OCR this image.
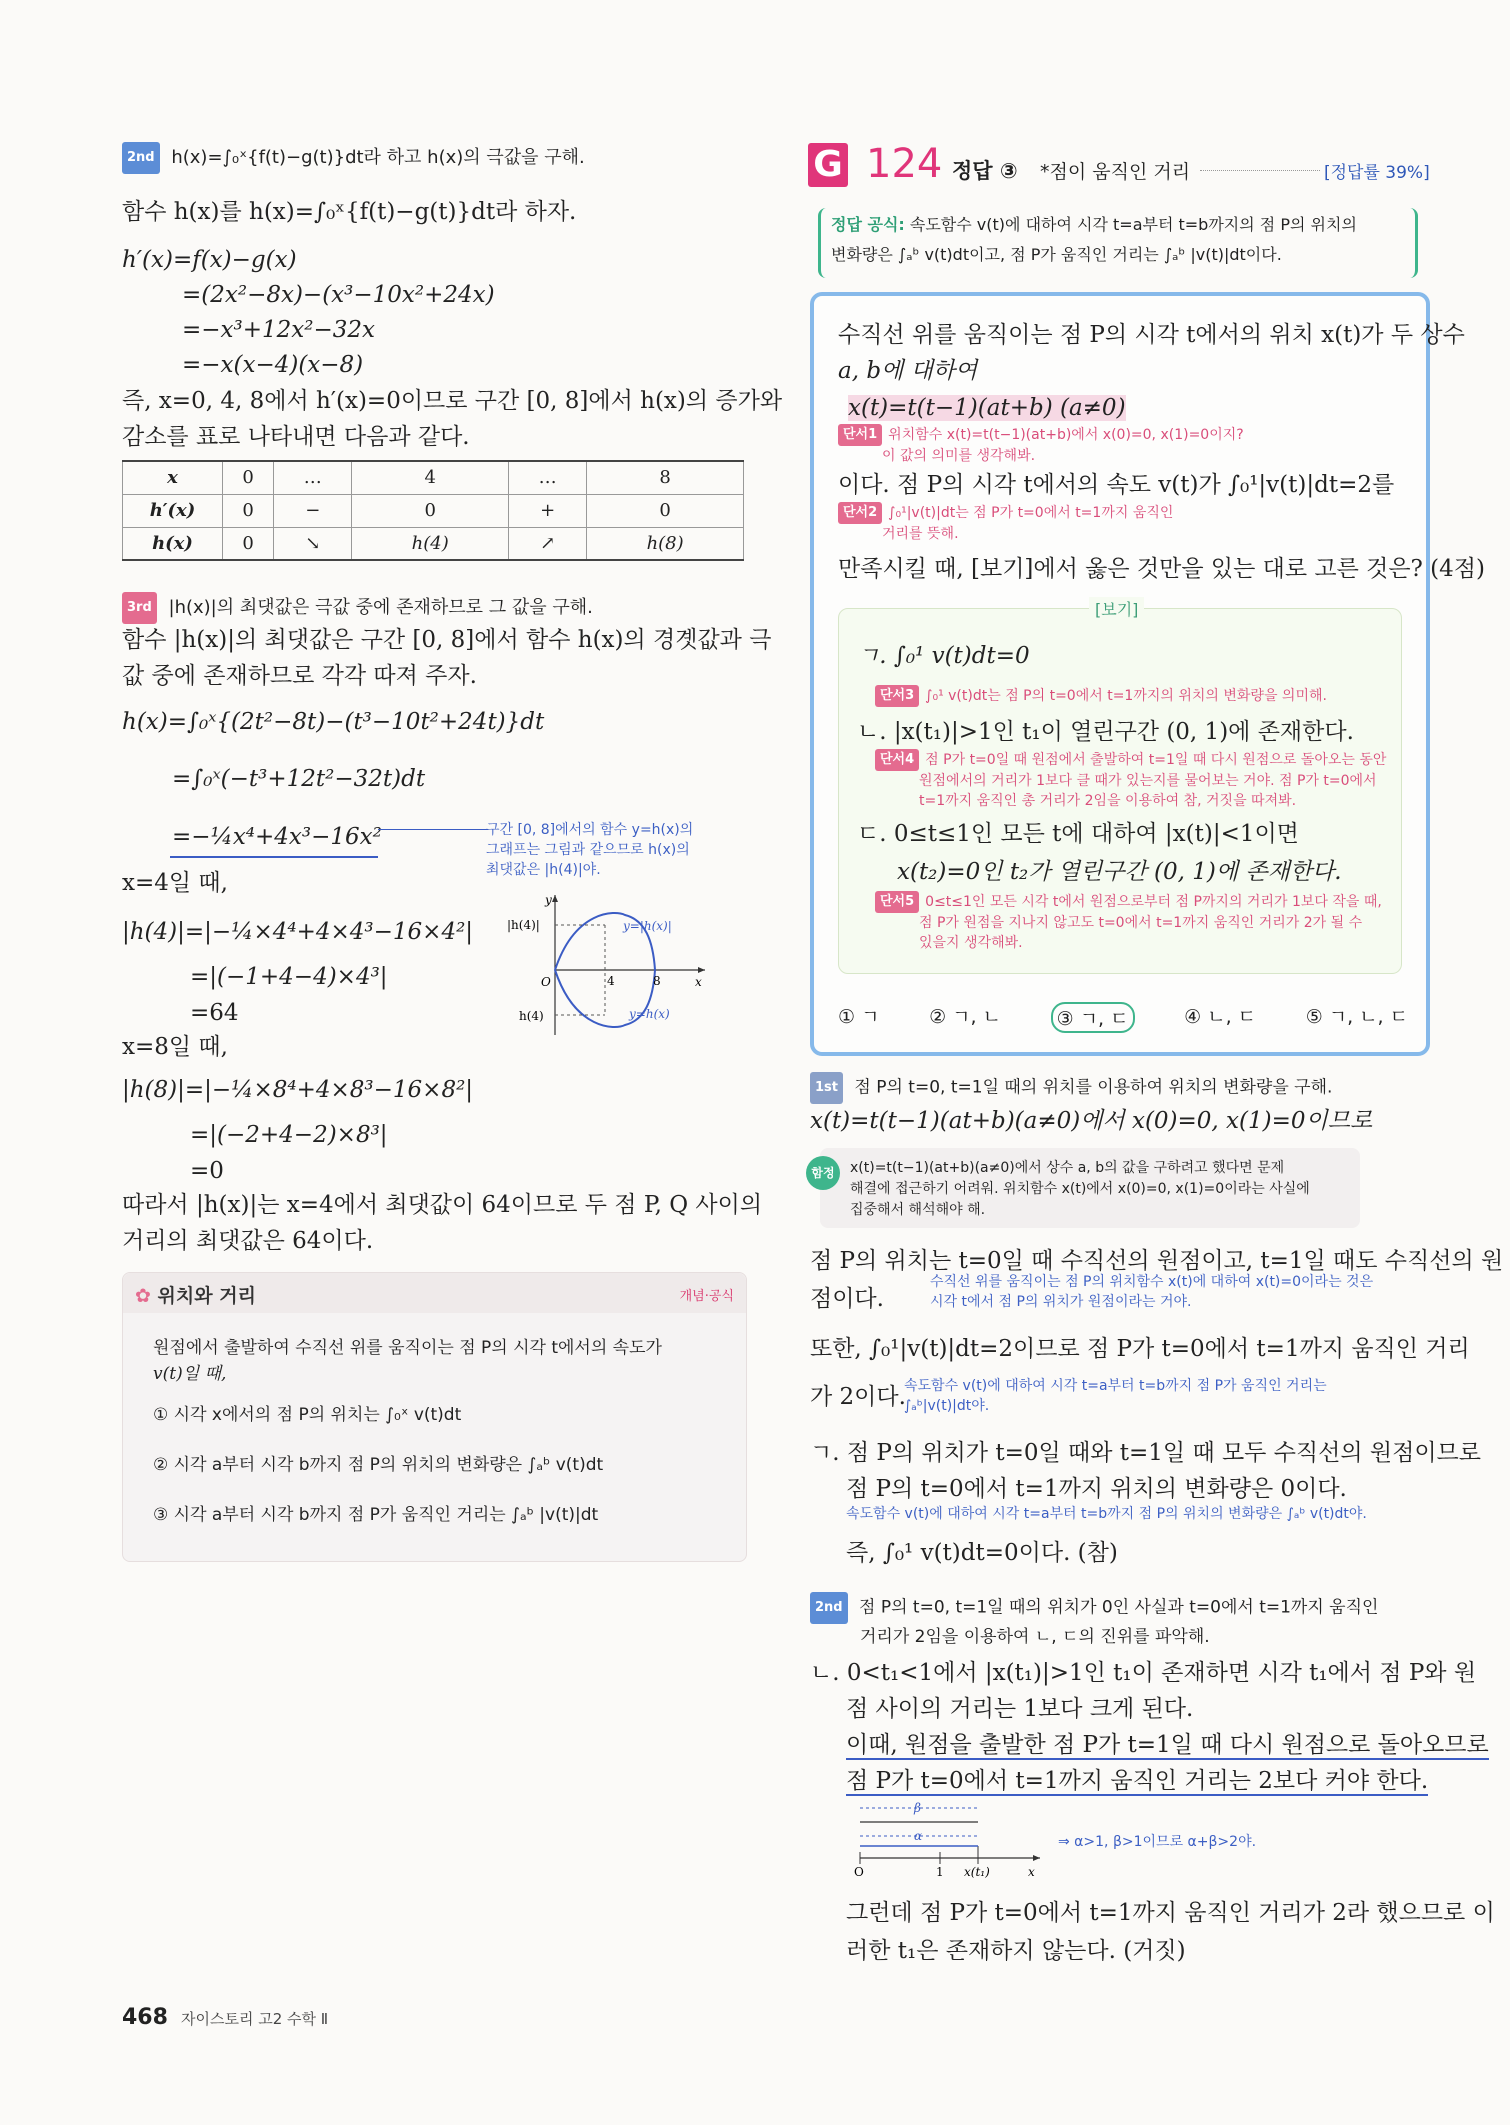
2nd h(x)=∫₀ˣ{f(t)−g(t)}dt라 하고 h(x)의 극값을 구해.
함수 h(x)를 h(x)=∫₀ˣ{f(t)−g(t)}dt라 하자.
h′(x)=f(x)−g(x)
=(2x²−8x)−(x³−10x²+24x)
=−x³+12x²−32x
=−x(x−4)(x−8)
즉, x=0, 4, 8에서 h′(x)=0이므로 구간 [0, 8]에서 h(x)의 증가와
감소를 표로 나타내면 다음과 같다.
x	0	…	4	…	8
h′(x)	0	−	0	+	0
h(x)	0	↘	h(4)	↗	h(8)
3rd |h(x)|의 최댓값은 극값 중에 존재하므로 그 값을 구해.
함수 |h(x)|의 최댓값은 구간 [0, 8]에서 함수 h(x)의 경곗값과 극
값 중에 존재하므로 각각 따져 주자.
h(x)=∫₀ˣ{(2t²−8t)−(t³−10t²+24t)}dt
=∫₀ˣ(−t³+12t²−32t)dt
=−¼x⁴+4x³−16x²
x=4일 때,
|h(4)|=|−¼×4⁴+4×4³−16×4²|
=|(−1+4−4)×4³|
=64
x=8일 때,
|h(8)|=|−¼×8⁴+4×8³−16×8²|
=|(−2+4−2)×8³|
=0
따라서 |h(x)|는 x=4에서 최댓값이 64이므로 두 점 P, Q 사이의
거리의 최댓값은 64이다.
구간 [0, 8]에서의 함수 y=h(x)의
그래프는 그림과 같으므로 h(x)의
최댓값은 |h(4)|야.
y
|h(4)|	y=|h(x)|
O	4	8	x
h(4)	y=h(x)
✿ 위치와 거리	개념·공식
원점에서 출발하여 수직선 위를 움직이는 점 P의 시각 t에서의 속도가
v(t)일 때,
① 시각 x에서의 점 P의 위치는 ∫₀ˣ v(t)dt
② 시각 a부터 시각 b까지 점 P의 위치의 변화량은 ∫ₐᵇ v(t)dt
③ 시각 a부터 시각 b까지 점 P가 움직인 거리는 ∫ₐᵇ |v(t)|dt
G 124 정답 ③ *점이 움직인 거리	[정답률 39%]
정답 공식: 속도함수 v(t)에 대하여 시각 t=a부터 t=b까지의 점 P의 위치의
변화량은 ∫ₐᵇ v(t)dt이고, 점 P가 움직인 거리는 ∫ₐᵇ |v(t)|dt이다.
수직선 위를 움직이는 점 P의 시각 t에서의 위치 x(t)가 두 상수
a, b에 대하여
x(t)=t(t−1)(at+b) (a≠0)
단서1 위치함수 x(t)=t(t−1)(at+b)에서 x(0)=0, x(1)=0이지?
이 값의 의미를 생각해봐.
이다. 점 P의 시각 t에서의 속도 v(t)가 ∫₀¹|v(t)|dt=2를
단서2 ∫₀¹|v(t)|dt는 점 P가 t=0에서 t=1까지 움직인
거리를 뜻해.
만족시킬 때, [보기]에서 옳은 것만을 있는 대로 고른 것은? (4점)
[보기]
ㄱ. ∫₀¹ v(t)dt=0
단서3 ∫₀¹ v(t)dt는 점 P의 t=0에서 t=1까지의 위치의 변화량을 의미해.
ㄴ. |x(t₁)|>1인 t₁이 열린구간 (0, 1)에 존재한다.
단서4 점 P가 t=0일 때 원점에서 출발하여 t=1일 때 다시 원점으로 돌아오는 동안
원점에서의 거리가 1보다 클 때가 있는지를 물어보는 거야. 점 P가 t=0에서
t=1까지 움직인 총 거리가 2임을 이용하여 참, 거짓을 따져봐.
ㄷ. 0≤t≤1인 모든 t에 대하여 |x(t)|<1이면
x(t₂)=0인 t₂가 열린구간 (0, 1)에 존재한다.
단서5 0≤t≤1인 모든 시각 t에서 원점으로부터 점 P까지의 거리가 1보다 작을 때,
점 P가 원점을 지나지 않고도 t=0에서 t=1까지 움직인 거리가 2가 될 수
있을지 생각해봐.
① ㄱ	② ㄱ, ㄴ	③ ㄱ, ㄷ	④ ㄴ, ㄷ	⑤ ㄱ, ㄴ, ㄷ
1st 점 P의 t=0, t=1일 때의 위치를 이용하여 위치의 변화량을 구해.
x(t)=t(t−1)(at+b)(a≠0)에서 x(0)=0, x(1)=0이므로
함정	x(t)=t(t−1)(at+b)(a≠0)에서 상수 a, b의 값을 구하려고 했다면 문제
해결에 접근하기 어려워. 위치함수 x(t)에서 x(0)=0, x(1)=0이라는 사실에
집중해서 해석해야 해.
점 P의 위치는 t=0일 때 수직선의 원점이고, t=1일 때도 수직선의 원
점이다.
수직선 위를 움직이는 점 P의 위치함수 x(t)에 대하여 x(t)=0이라는 것은
시각 t에서 점 P의 위치가 원점이라는 거야.
또한, ∫₀¹|v(t)|dt=2이므로 점 P가 t=0에서 t=1까지 움직인 거리
가 2이다.
속도함수 v(t)에 대하여 시각 t=a부터 t=b까지 점 P가 움직인 거리는
∫ₐᵇ|v(t)|dt야.
ㄱ. 점 P의 위치가 t=0일 때와 t=1일 때 모두 수직선의 원점이므로
점 P의 t=0에서 t=1까지 위치의 변화량은 0이다.
속도함수 v(t)에 대하여 시각 t=a부터 t=b까지 점 P의 위치의 변화량은 ∫ₐᵇ v(t)dt야.
즉, ∫₀¹ v(t)dt=0이다. (참)
2nd 점 P의 t=0, t=1일 때의 위치가 0인 사실과 t=0에서 t=1까지 움직인
거리가 2임을 이용하여 ㄴ, ㄷ의 진위를 파악해.
ㄴ. 0<t₁<1에서 |x(t₁)|>1인 t₁이 존재하면 시각 t₁에서 점 P와 원
점 사이의 거리는 1보다 크게 된다.
이때, 원점을 출발한 점 P가 t=1일 때 다시 원점으로 돌아오므로
점 P가 t=0에서 t=1까지 움직인 거리는 2보다 커야 한다.
β
α
O	1 x(t₁)	x
⇒ α>1, β>1이므로 α+β>2야.
그런데 점 P가 t=0에서 t=1까지 움직인 거리가 2라 했으므로 이
러한 t₁은 존재하지 않는다. (거짓)
468 자이스토리 고2 수학 Ⅱ
